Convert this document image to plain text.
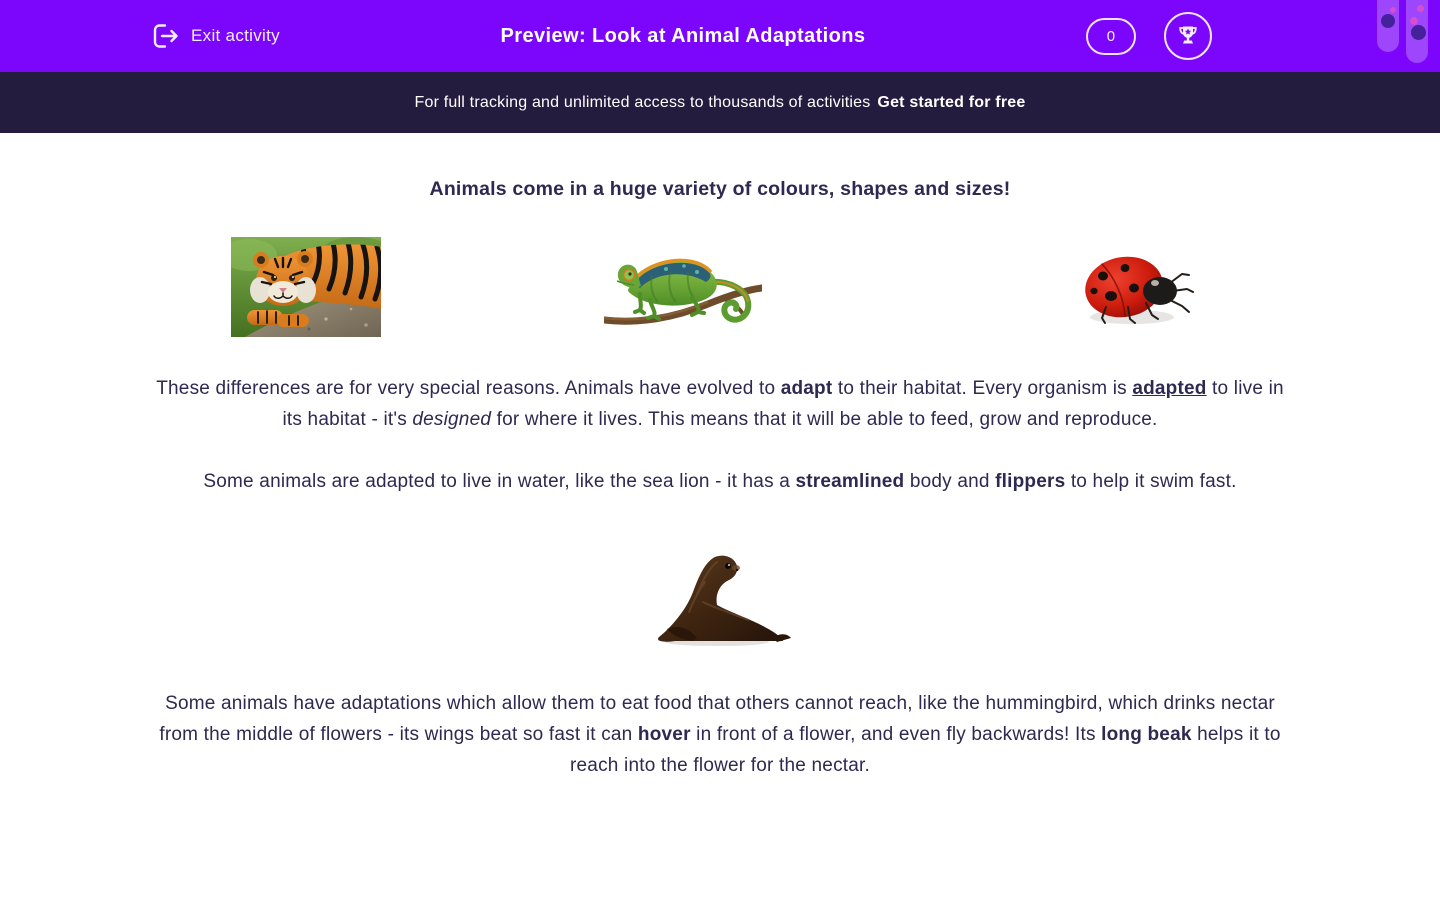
Exit activity	Preview: Look at Animal Adaptations	0
For full tracking and unlimited access to thousands of activities Get started for free
Animals come in a huge variety of colours, shapes and sizes!

These differences are for very special reasons. Animals have evolved to adapt to their habitat. Every organism is adapted to live in its habitat - it's designed for where it lives. This means that it will be able to feed, grow and reproduce.

Some animals are adapted to live in water, like the sea lion - it has a streamlined body and flippers to help it swim fast.

Some animals have adaptations which allow them to eat food that others cannot reach, like the hummingbird, which drinks nectar from the middle of flowers - its wings beat so fast it can hover in front of a flower, and even fly backwards! Its long beak helps it to reach into the flower for the nectar.
